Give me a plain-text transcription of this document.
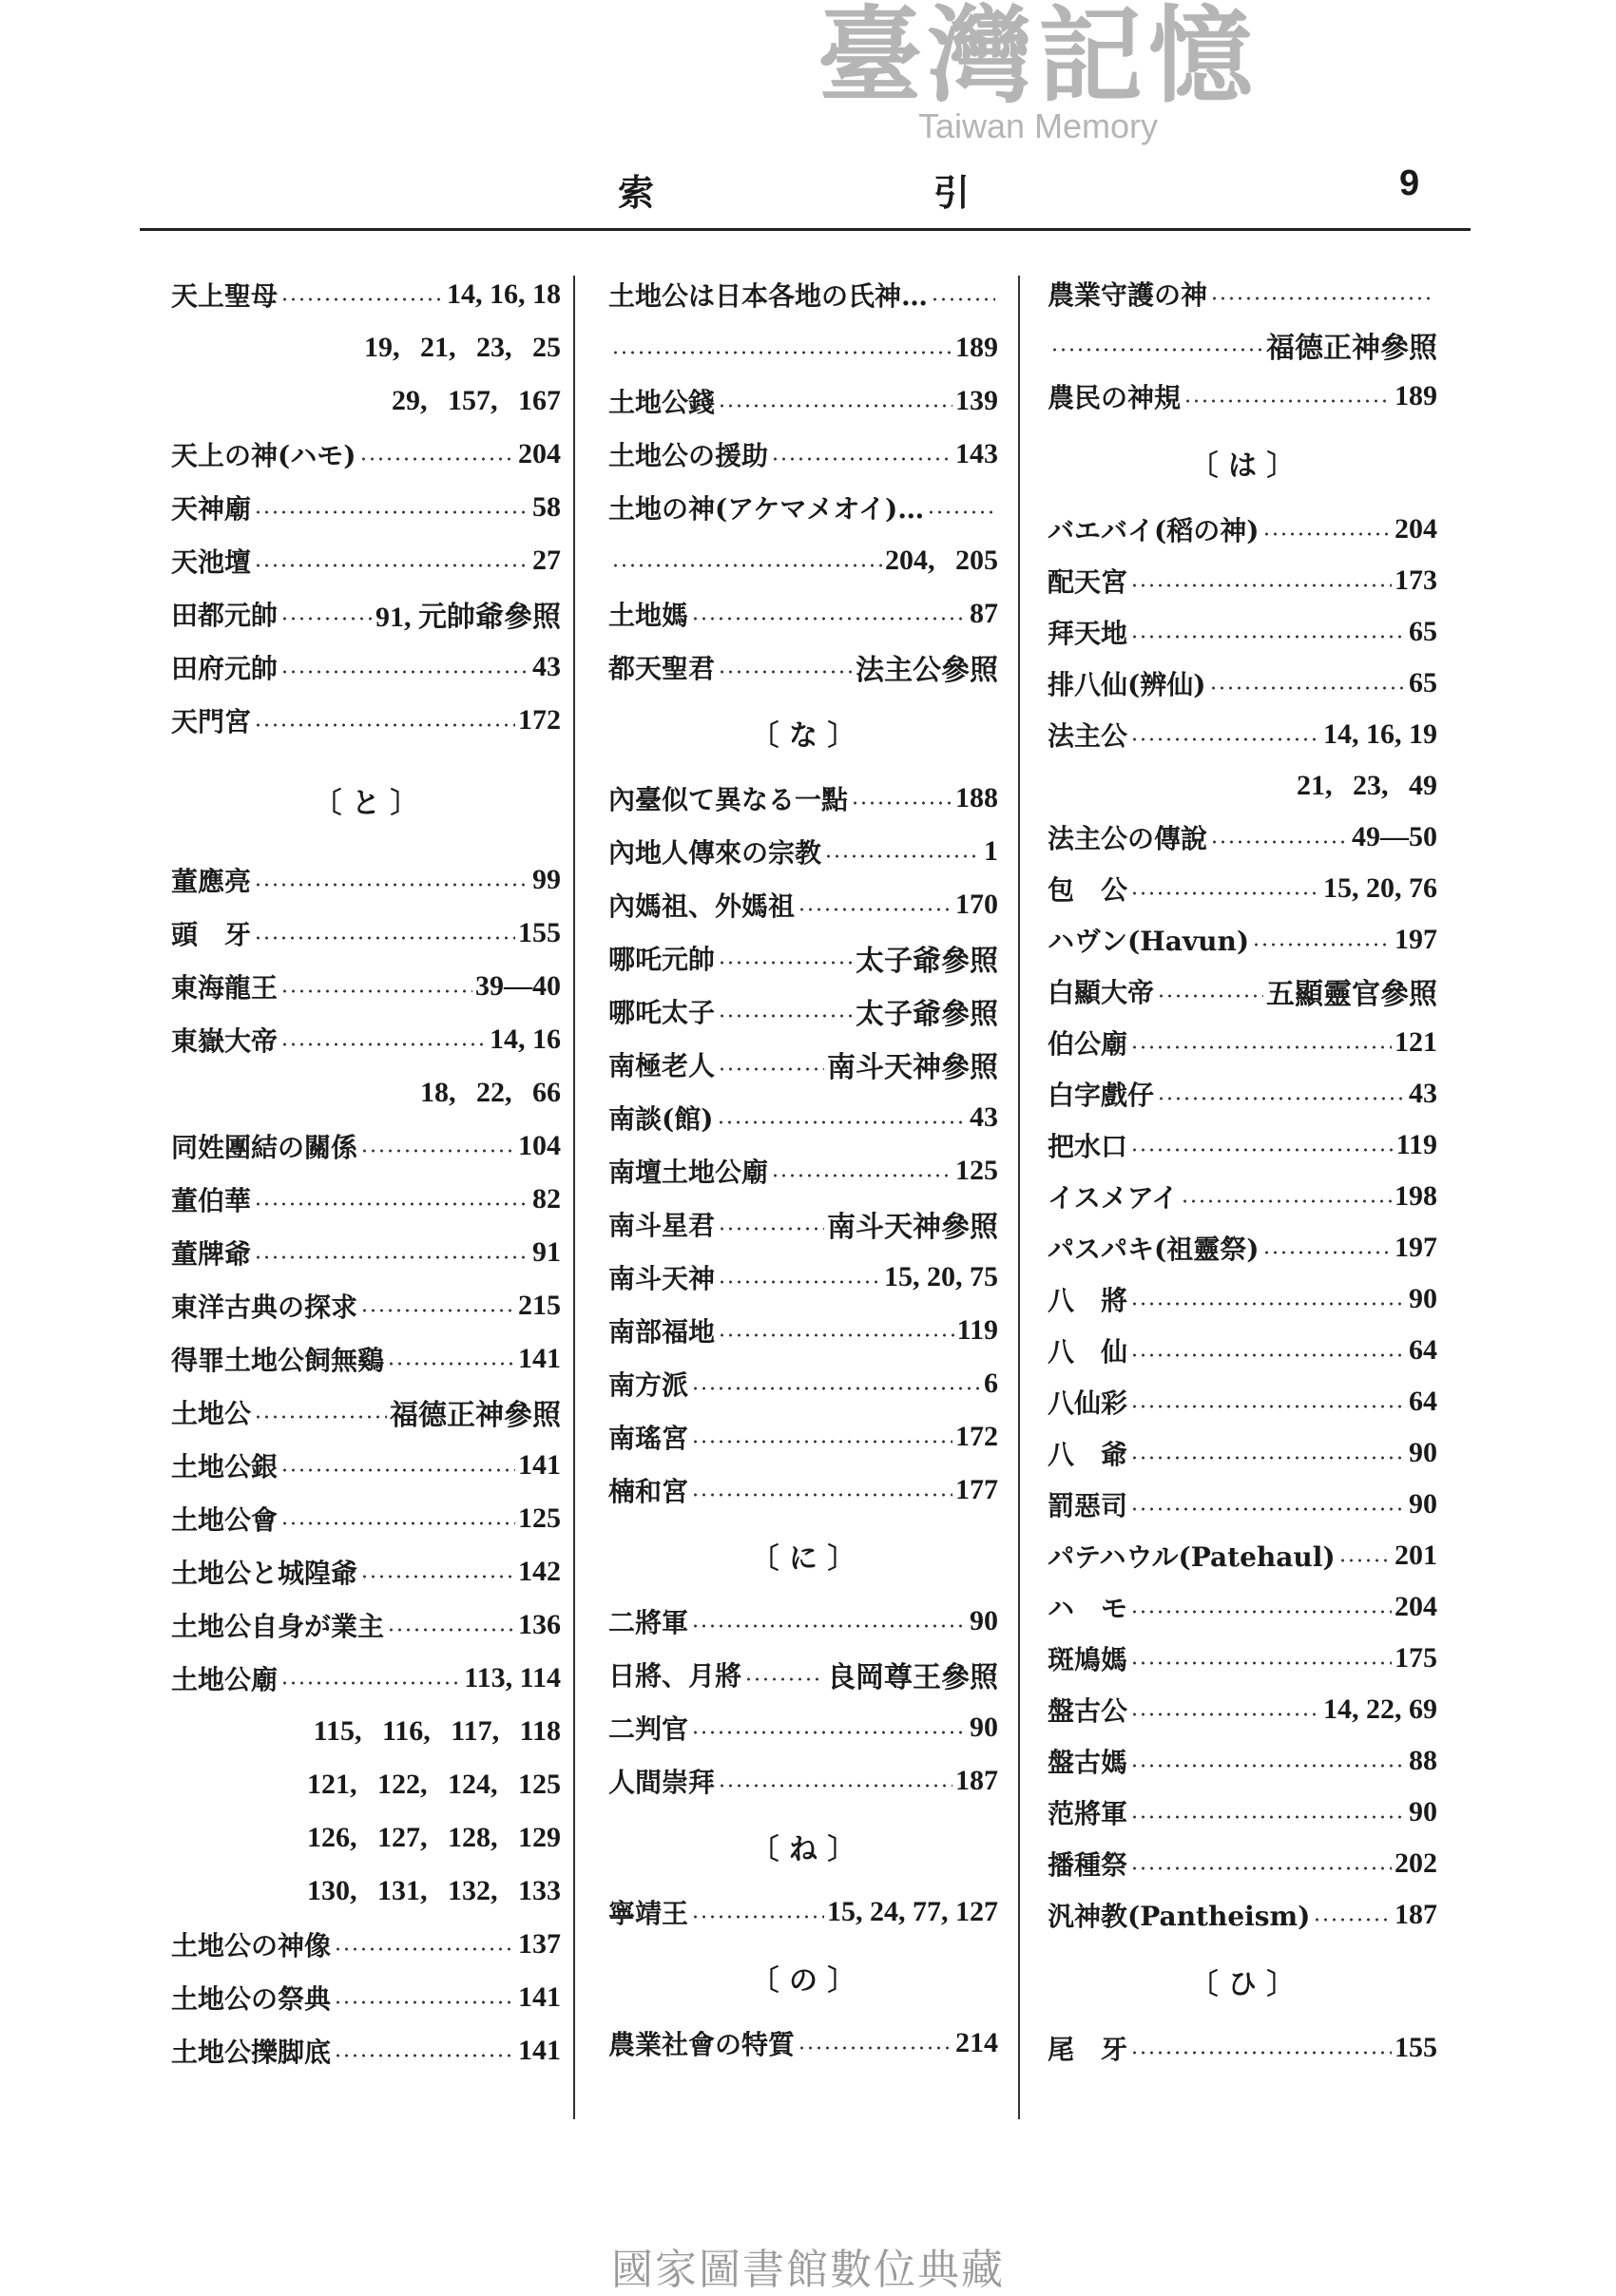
臺灣記憶
Taiwan Memory
索	引	9
天上聖母	14, 16, 18
19, 21, 23, 25
29, 157, 167
天上の神(ハモ)	204
天神廟	58
天池壇	27
田都元帥	91, 元帥爺參照
田府元帥	43
天門宮	172
〔 と 〕
董應亮	99
頭　牙	155
東海龍王	39—40
東嶽大帝	14, 16
18, 22, 66
同姓團結の關係	104
董伯華	82
董牌爺	91
東洋古典の探求	215
得罪土地公飼無鷄	141
土地公	福德正神參照
土地公銀	141
土地公會	125
土地公と城隍爺	142
土地公自身が業主	136
土地公廟	113, 114
115, 116, 117, 118
121, 122, 124, 125
126, 127, 128, 129
130, 131, 132, 133
土地公の神像	137
土地公の祭典	141
土地公擽脚底	141
土地公は日本各地の氏神…
189
土地公錢	139
土地公の援助	143
土地の神(アケマメオイ)…
204, 205
土地媽	87
都天聖君	法主公參照
〔 な 〕
內臺似て異なる一點	188
內地人傳來の宗教	1
內媽祖、外媽祖	170
哪吒元帥	太子爺參照
哪吒太子	太子爺參照
南極老人	南斗天神參照
南談(館)	43
南壇土地公廟	125
南斗星君	南斗天神參照
南斗天神	15, 20, 75
南部福地	119
南方派	6
南瑤宮	172
楠和宮	177
〔 に 〕
二將軍	90
日將、月將	良岡尊王參照
二判官	90
人間崇拜	187
〔 ね 〕
寧靖王	15, 24, 77, 127
〔 の 〕
農業社會の特質	214
農業守護の神
福德正神參照
農民の神規	189
〔 は 〕
バエバイ(稻の神)	204
配天宮	173
拜天地	65
排八仙(辨仙)	65
法主公	14, 16, 19
21, 23, 49
法主公の傳說	49—50
包　公	15, 20, 76
ハヴン(Havun)	197
白顯大帝	五顯靈官參照
伯公廟	121
白字戲仔	43
把水口	119
イスメアイ	198
パスパキ(祖靈祭)	197
八　將	90
八　仙	64
八仙彩	64
八　爺	90
罰惡司	90
パテハウル(Patehaul) 201
ハ　モ	204
斑鳩媽	175
盤古公	14, 22, 69
盤古媽	88
范將軍	90
播種祭	202
汎神教(Pantheism)	187
〔 ひ 〕
尾　牙	155
國家圖書館數位典藏
